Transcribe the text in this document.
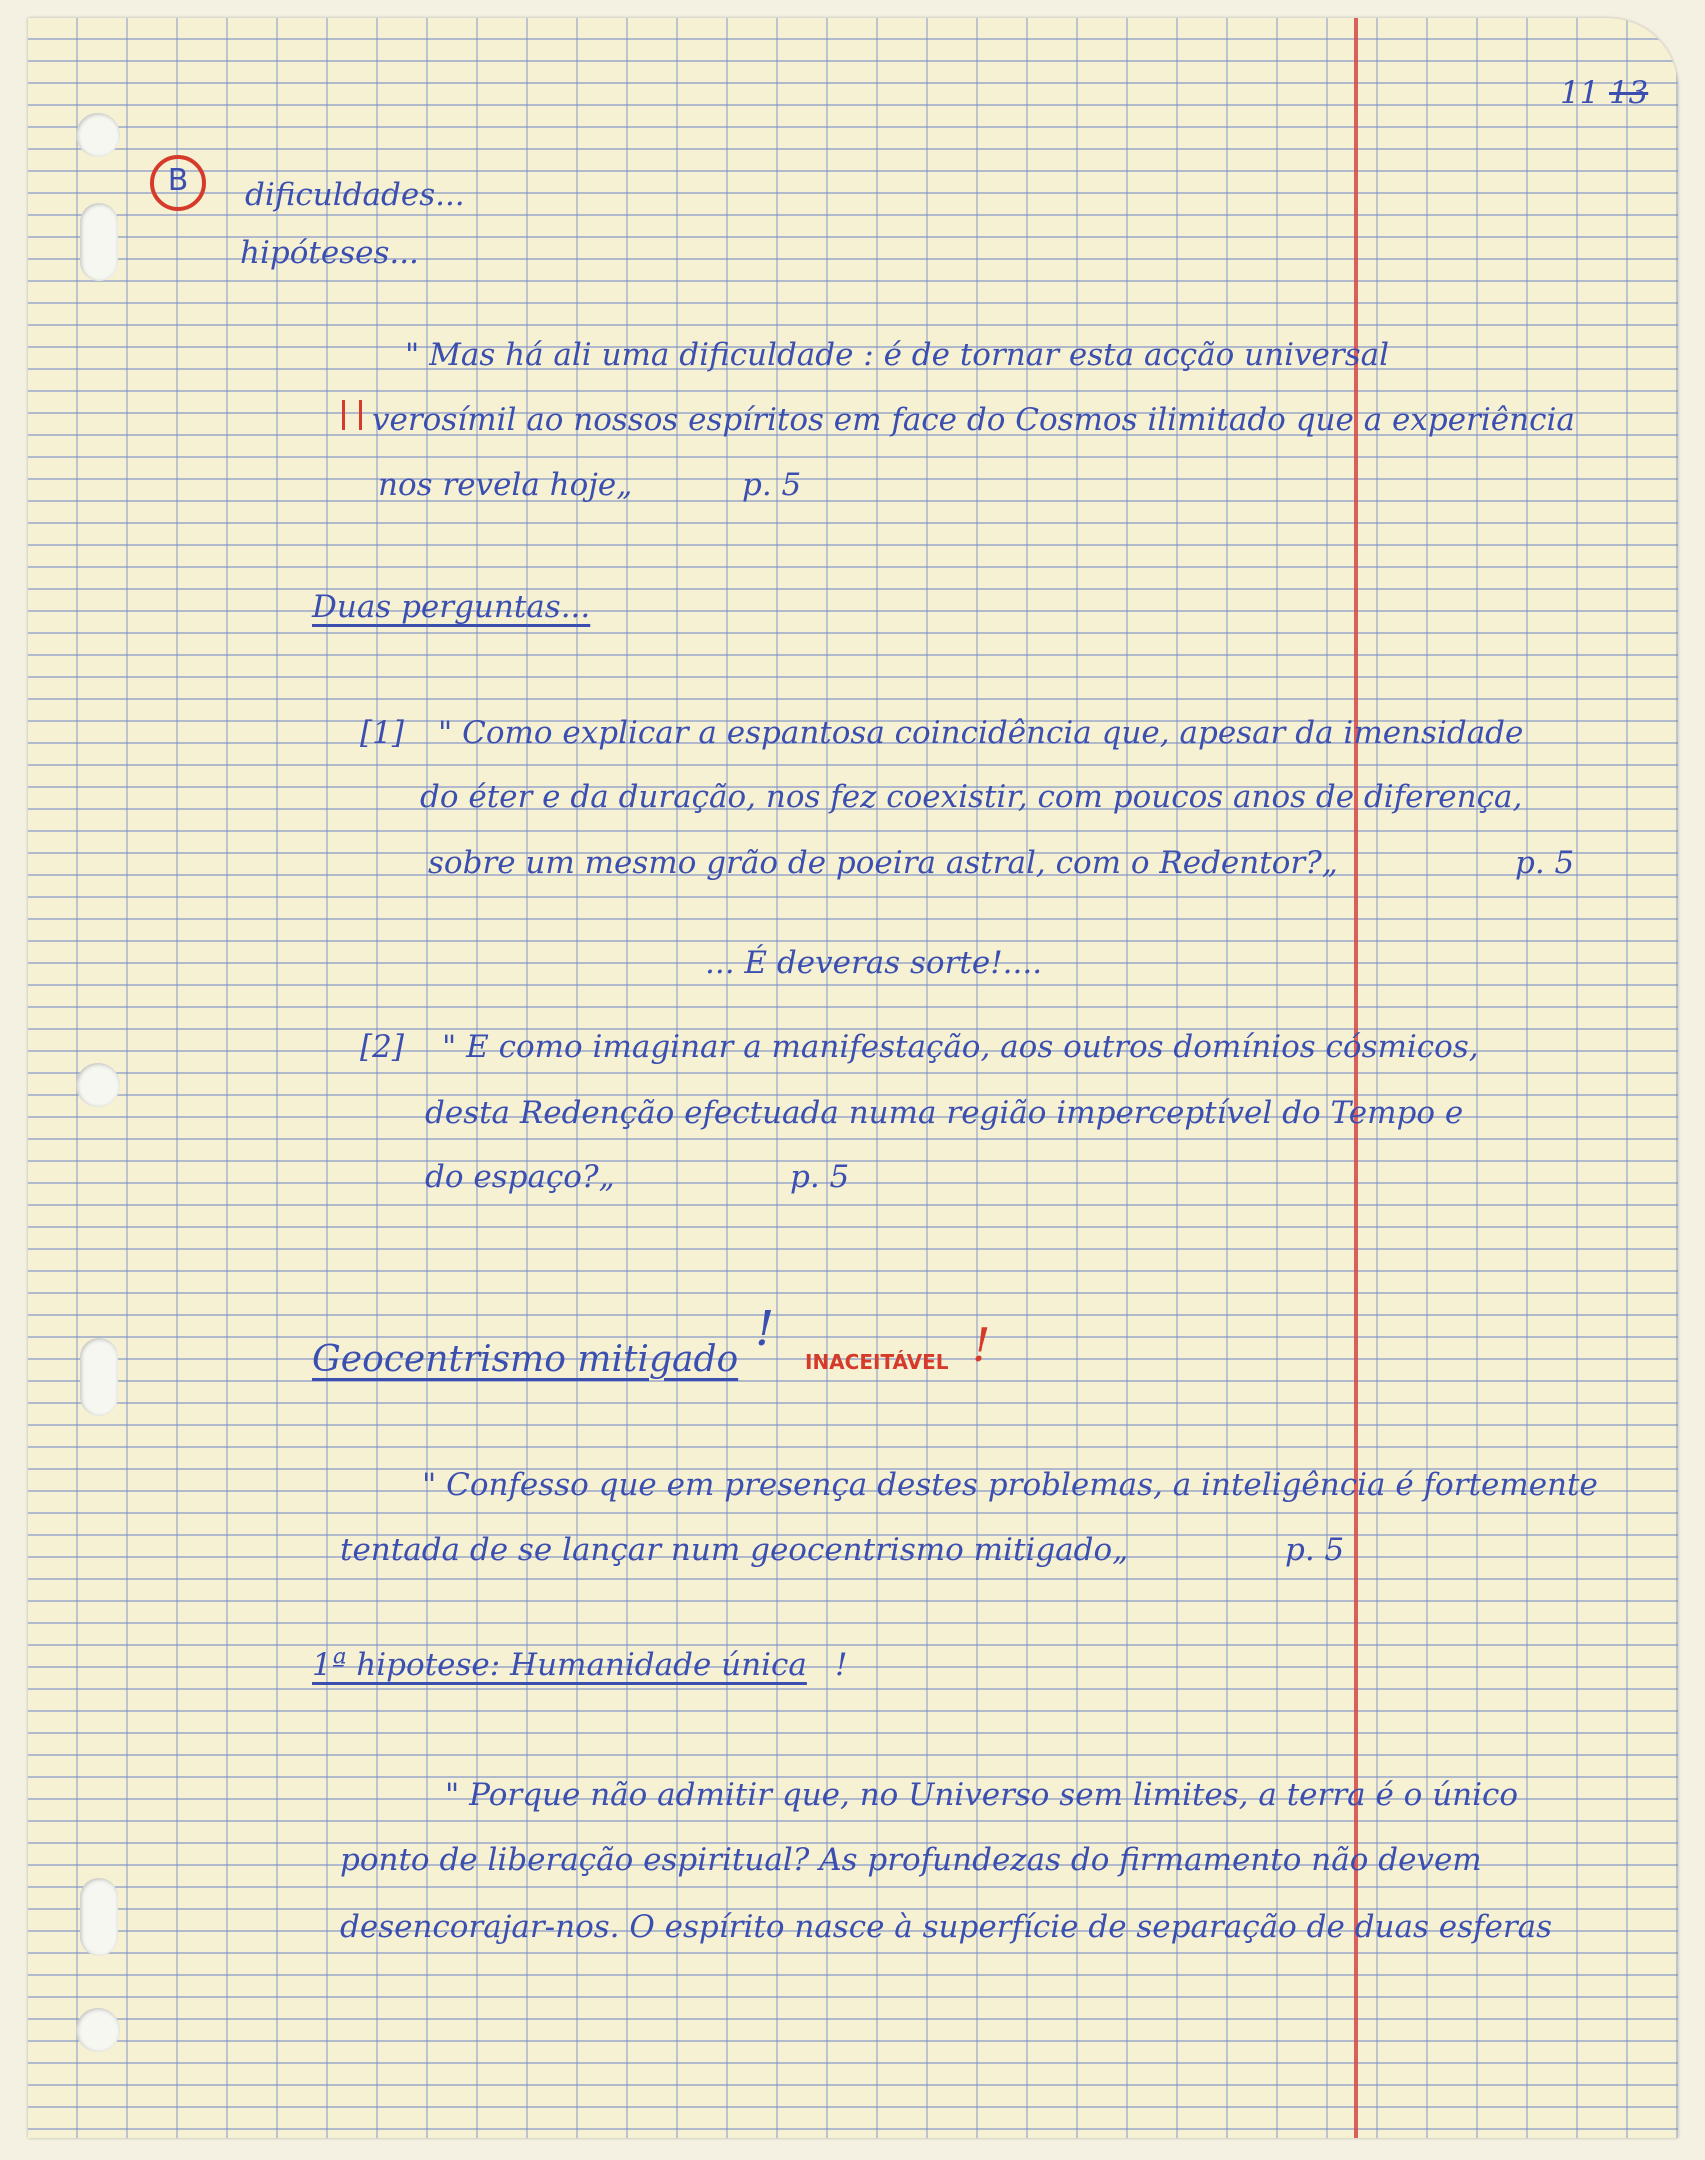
11 13
B	dificuldades...
hipóteses...
" Mas há ali uma dificuldade : é de tornar esta acção universal
verosímil ao nossos espíritos em face do Cosmos ilimitado que a experiência
nos revela hoje„	p. 5
Duas perguntas...
[1] " Como explicar a espantosa coincidência que, apesar da imensidade
do éter e da duração, nos fez coexistir, com poucos anos de diferença,
sobre um mesmo grão de poeira astral, com o Redentor?„	p. 5
... É deveras sorte!....
[2] " E como imaginar a manifestação, aos outros domínios cósmicos,
desta Redenção efectuada numa região imperceptível do Tempo e
do espaço?„	p. 5
Geocentrismo mitigado
!
INACEITÁVEL !
" Confesso que em presença destes problemas, a inteligência é fortemente
tentada de se lançar num geocentrismo mitigado„	p. 5
1ª hipotese: Humanidade única !
" Porque não admitir que, no Universo sem limites, a terra é o único
ponto de liberação espiritual? As profundezas do firmamento não devem
desencorajar-nos. O espírito nasce à superfície de separação de duas esferas
